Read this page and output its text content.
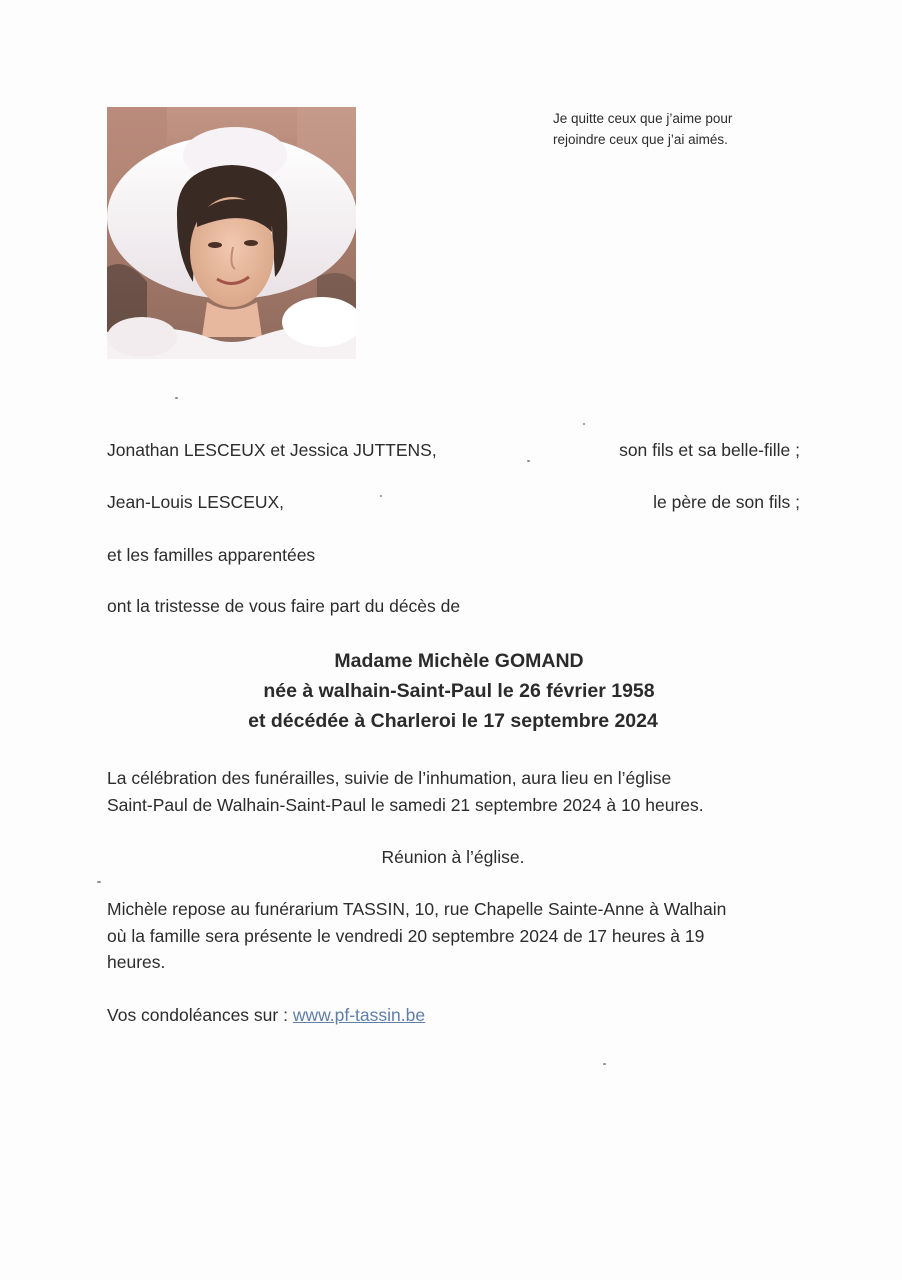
Je quitte ceux que j’aime pour
rejoindre ceux que j’ai aimés.
Jonathan LESCEUX et Jessica JUTTENS,	son fils et sa belle-fille ;
Jean-Louis LESCEUX,	le père de son fils ;
et les familles apparentées
ont la tristesse de vous faire part du décès de
Madame Michèle GOMAND
née à walhain-Saint-Paul le 26 février 1958
et décédée à Charleroi le 17 septembre 2024
La célébration des funérailles, suivie de l’inhumation, aura lieu en l’église
Saint-Paul de Walhain-Saint-Paul le samedi 21 septembre 2024 à 10 heures.
Réunion à l’église.
Michèle repose au funérarium TASSIN, 10, rue Chapelle Sainte-Anne à Walhain
où la famille sera présente le vendredi 20 septembre 2024 de 17 heures à 19
heures.
Vos condoléances sur : www.pf-tassin.be
